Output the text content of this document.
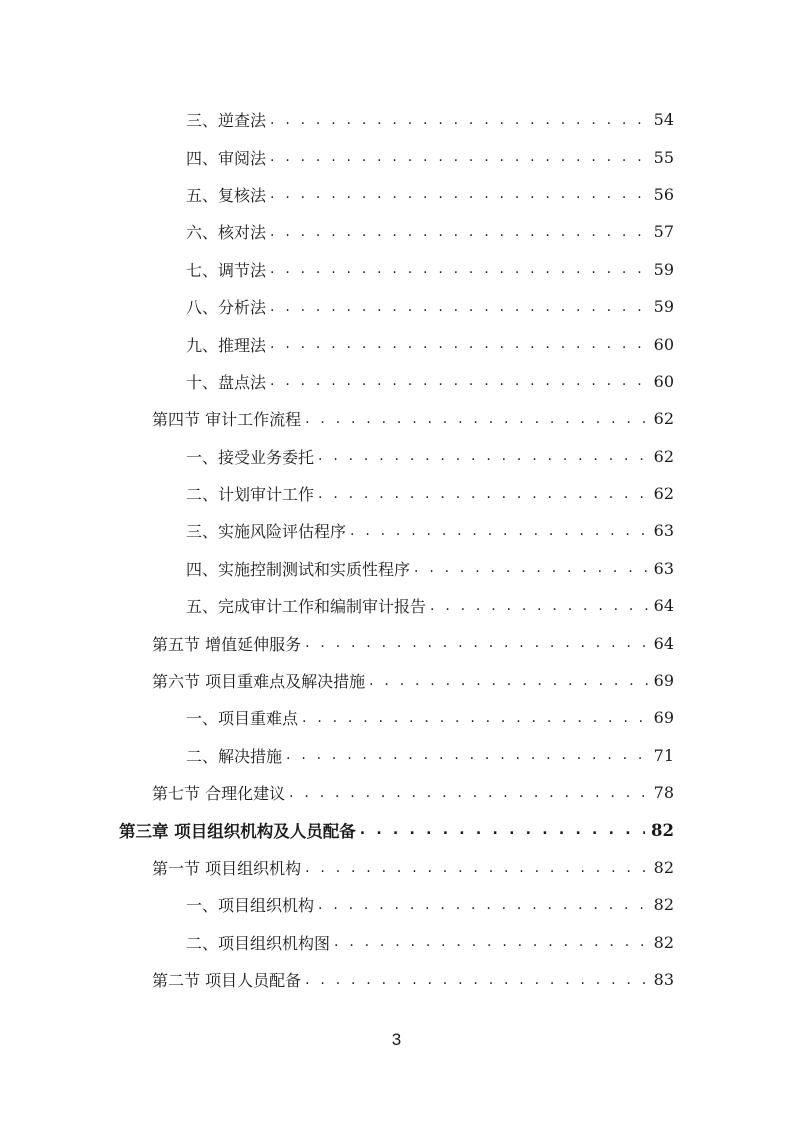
三、逆查法 . . .	54
四、审阅法 . . .	55
五、复核法 . . .	56
六、核对法 . . .	57
七、调节法 . . .	59
八、分析法 . . .	59
九、推理法 . . .	60
十、盘点法 . . .	60
第四节 审计工作流程 . . .	62
一、接受业务委托 . . .	62
二、计划审计工作 . . .	62
三、实施风险评估程序 . . .	63
四、实施控制测试和实质性程序 . . .	63
五、完成审计工作和编制审计报告 . . .	64
第五节 增值延伸服务 . . .	64
第六节 项目重难点及解决措施 . . .	69
一、项目重难点 . . .	69
二、解决措施 . . .	71
第七节 合理化建议 . . .	78
第三章 项目组织机构及人员配备 . . .	82
第一节 项目组织机构 . . .	82
一、项目组织机构 . . .	82
二、项目组织机构图 . . .	82
第二节 项目人员配备 . . .	83
3
